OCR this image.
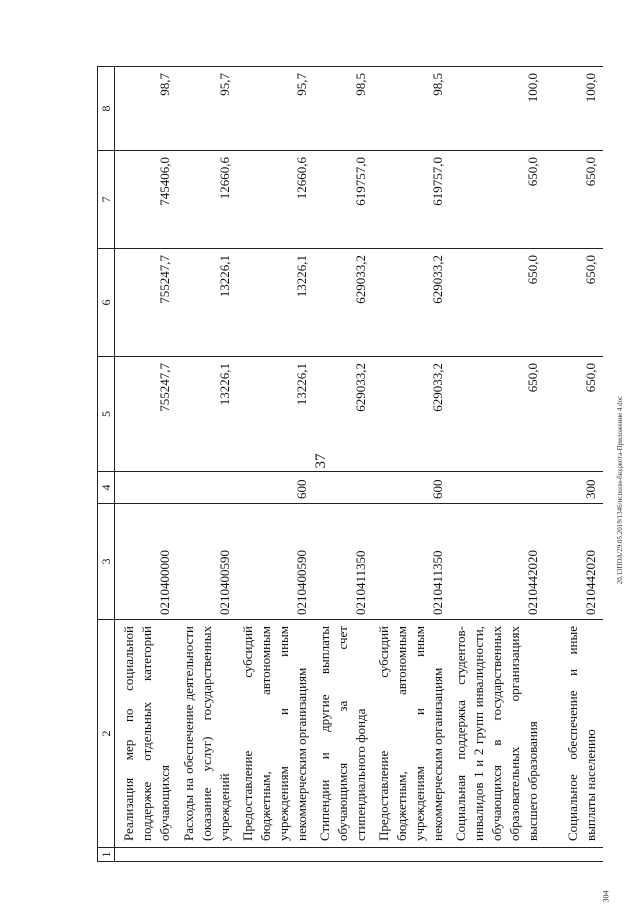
37
1	2	3	4	5	6	7	8
	Реализация мер по социальной поддержке отдельных категорий обучающихся	0210400000		755247,7	755247,7	745406,0	98,7
	Расходы на обеспечение деятельности (оказание услуг) государственных учреждений	0210400590		13226,1	13226,1	12660,6	95,7
	Предоставление субсидий бюджетным, автономным учреждениям и иным некоммерческим организациям	0210400590	600	13226,1	13226,1	12660,6	95,7
	Стипендии и другие выплаты обучающимся за счет стипендиального фонда	0210411350		629033,2	629033,2	619757,0	98,5
	Предоставление субсидий бюджетным, автономным учреждениям и иным некоммерческим организациям	0210411350	600	629033,2	629033,2	619757,0	98,5
	Социальная поддержка студентов-инвалидов 1 и 2 групп инвалидности, обучающихся в государственных образовательных организациях высшего образования	0210442020		650,0	650,0	650,0	100,0
	Социальное обеспечение и иные выплаты населению	0210442020	300	650,0	650,0	650,0	100,0
20.13ПОА/29.05.2019/1346/исполн-бюджета-Приложение 4.doc
304
